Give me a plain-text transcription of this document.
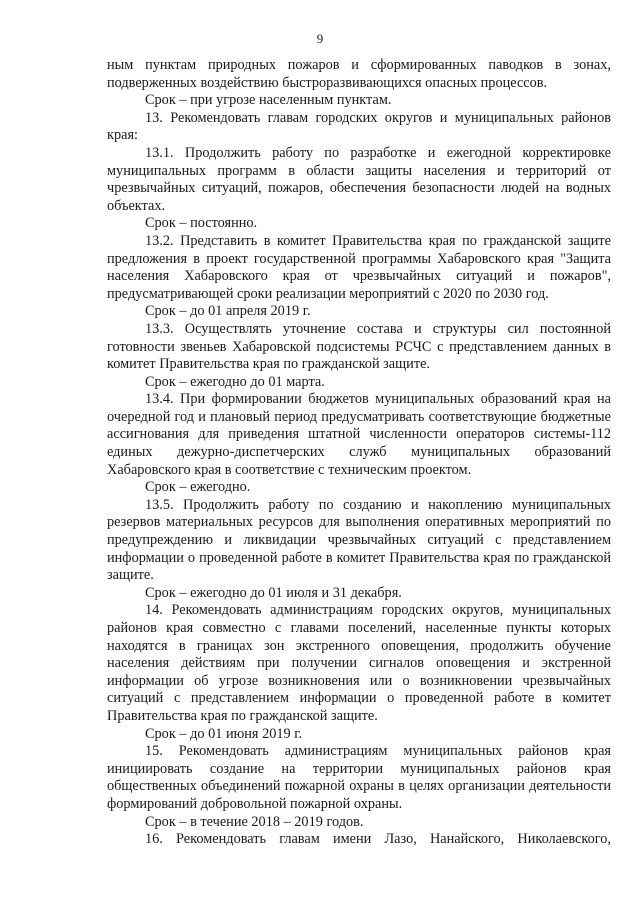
9

ным пунктам природных пожаров и сформированных паводков в зонах, подверженных воздействию быстроразвивающихся опасных процессов.

Срок – при угрозе населенным пунктам.

13. Рекомендовать главам городских округов и муниципальных районов края:

13.1. Продолжить работу по разработке и ежегодной корректировке муниципальных программ в области защиты населения и территорий от чрезвычайных ситуаций, пожаров, обеспечения безопасности людей на водных объектах.

Срок – постоянно.

13.2. Представить в комитет Правительства края по гражданской защите предложения в проект государственной программы Хабаровского края "Защита населения Хабаровского края от чрезвычайных ситуаций и пожаров", предусматривающей сроки реализации мероприятий с 2020 по 2030 год.

Срок – до 01 апреля 2019 г.

13.3. Осуществлять уточнение состава и структуры сил постоянной готовности звеньев Хабаровской подсистемы РСЧС с представлением данных в комитет Правительства края по гражданской защите.

Срок – ежегодно до 01 марта.

13.4. При формировании бюджетов муниципальных образований края на очередной год и плановый период предусматривать соответствующие бюджетные ассигнования для приведения штатной численности операторов системы-112 единых дежурно-диспетчерских служб муниципальных образований Хабаровского края в соответствие с техническим проектом.

Срок – ежегодно.

13.5. Продолжить работу по созданию и накоплению муниципальных резервов материальных ресурсов для выполнения оперативных мероприятий по предупреждению и ликвидации чрезвычайных ситуаций с представлением информации о проведенной работе в комитет Правительства края по гражданской защите.

Срок – ежегодно до 01 июля и 31 декабря.

14. Рекомендовать администрациям городских округов, муниципальных районов края совместно с главами поселений, населенные пункты которых находятся в границах зон экстренного оповещения, продолжить обучение населения действиям при получении сигналов оповещения и экстренной информации об угрозе возникновения или о возникновении чрезвычайных ситуаций с представлением информации о проведенной работе в комитет Правительства края по гражданской защите.

Срок – до 01 июня 2019 г.

15. Рекомендовать администрациям муниципальных районов края инициировать создание на территории муниципальных районов края общественных объединений пожарной охраны в целях организации деятельности формирований добровольной пожарной охраны.

Срок – в течение 2018 – 2019 годов.

16. Рекомендовать главам имени Лазо, Нанайского, Николаевского,
